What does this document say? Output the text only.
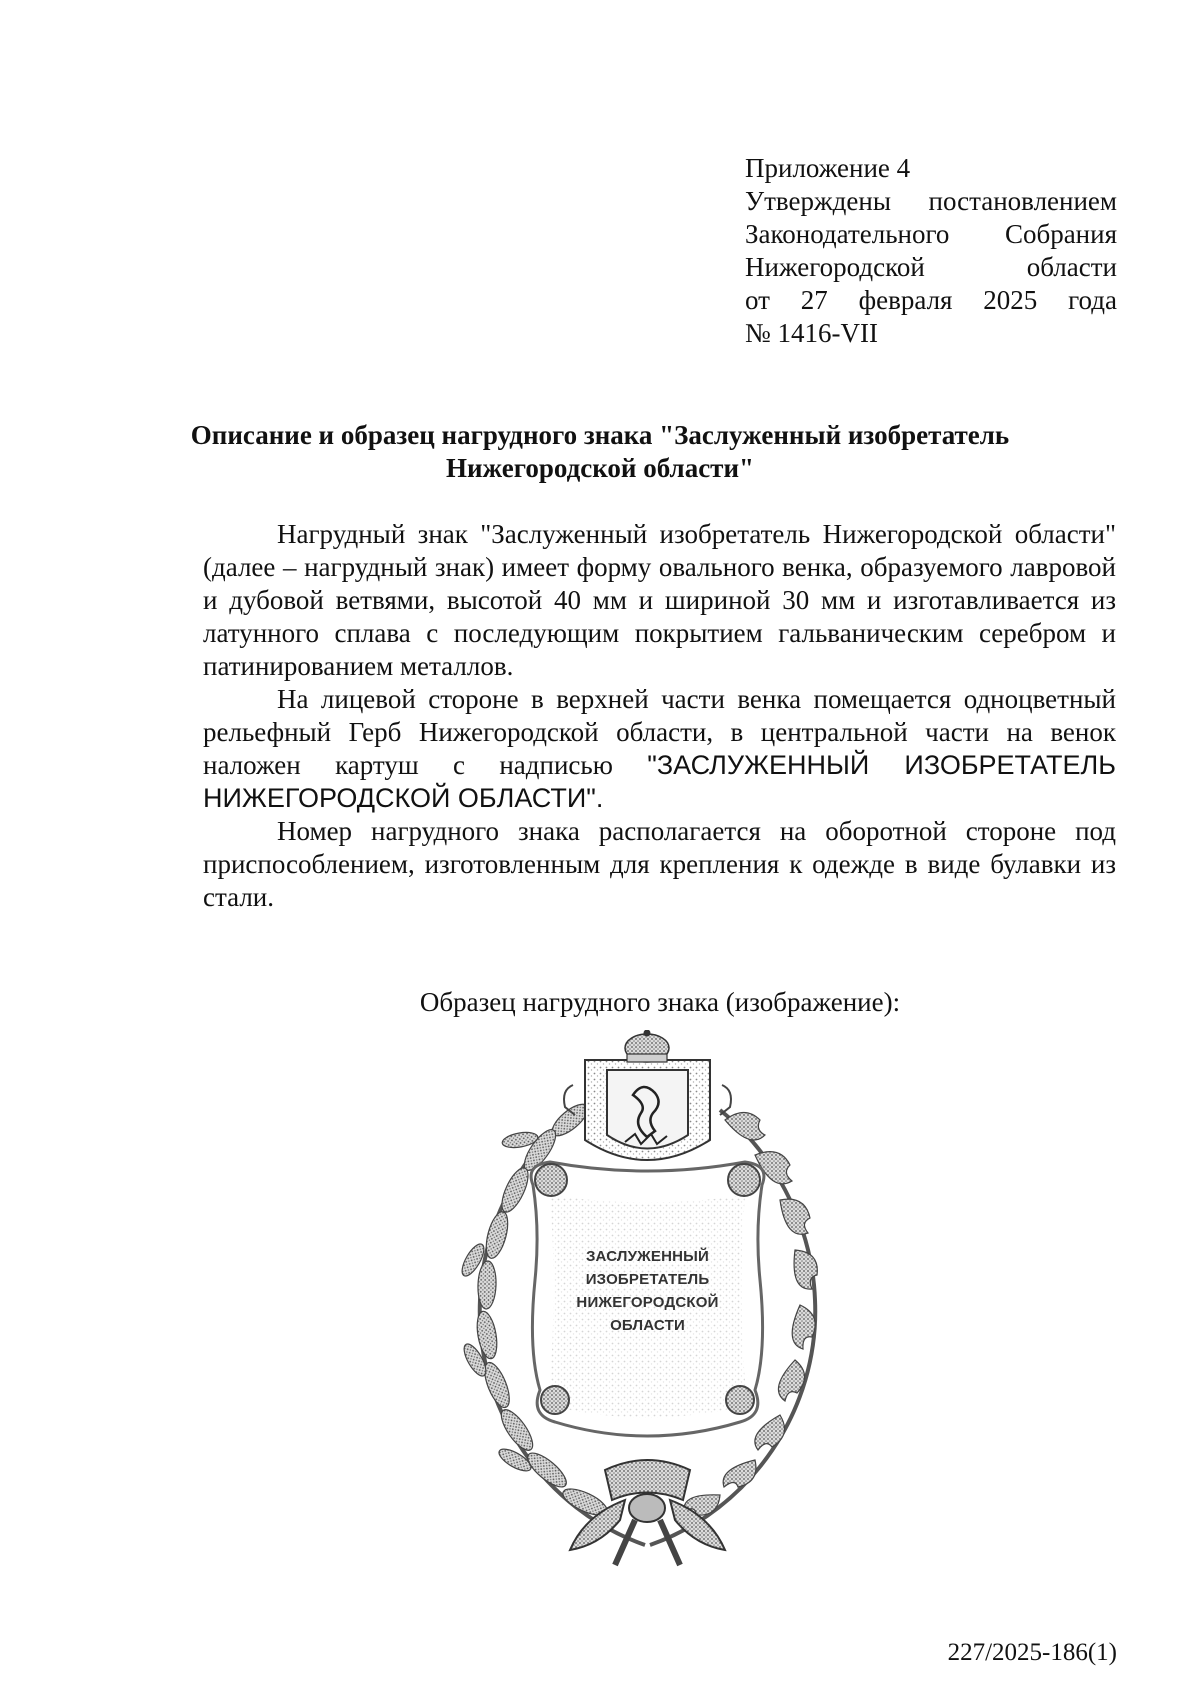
Приложение 4
Утверждены постановлением
Законодательного Собрания
Нижегородской области
от 27 февраля 2025 года
№ 1416-VII
Описание и образец нагрудного знака "Заслуженный изобретатель
Нижегородской области"

Нагрудный знак "Заслуженный изобретатель Нижегородской области" (далее – нагрудный знак) имеет форму овального венка, образуемого лавровой и дубовой ветвями, высотой 40 мм и шириной 30 мм и изготавливается из латунного сплава с последующим покрытием гальваническим серебром и патинированием металлов.

На лицевой стороне в верхней части венка помещается одноцветный рельефный Герб Нижегородской области, в центральной части на венок наложен картуш с надписью "ЗАСЛУЖЕННЫЙ ИЗОБРЕТАТЕЛЬ НИЖЕГОРОДСКОЙ ОБЛАСТИ".

Номер нагрудного знака располагается на оборотной стороне под приспособлением, изготовленным для крепления к одежде в виде булавки из стали.

Образец нагрудного знака (изображение):
ЗАСЛУЖЕННЫЙ
ИЗОБРЕТАТЕЛЬ
НИЖЕГОРОДСКОЙ
ОБЛАСТИ
227/2025-186(1)
